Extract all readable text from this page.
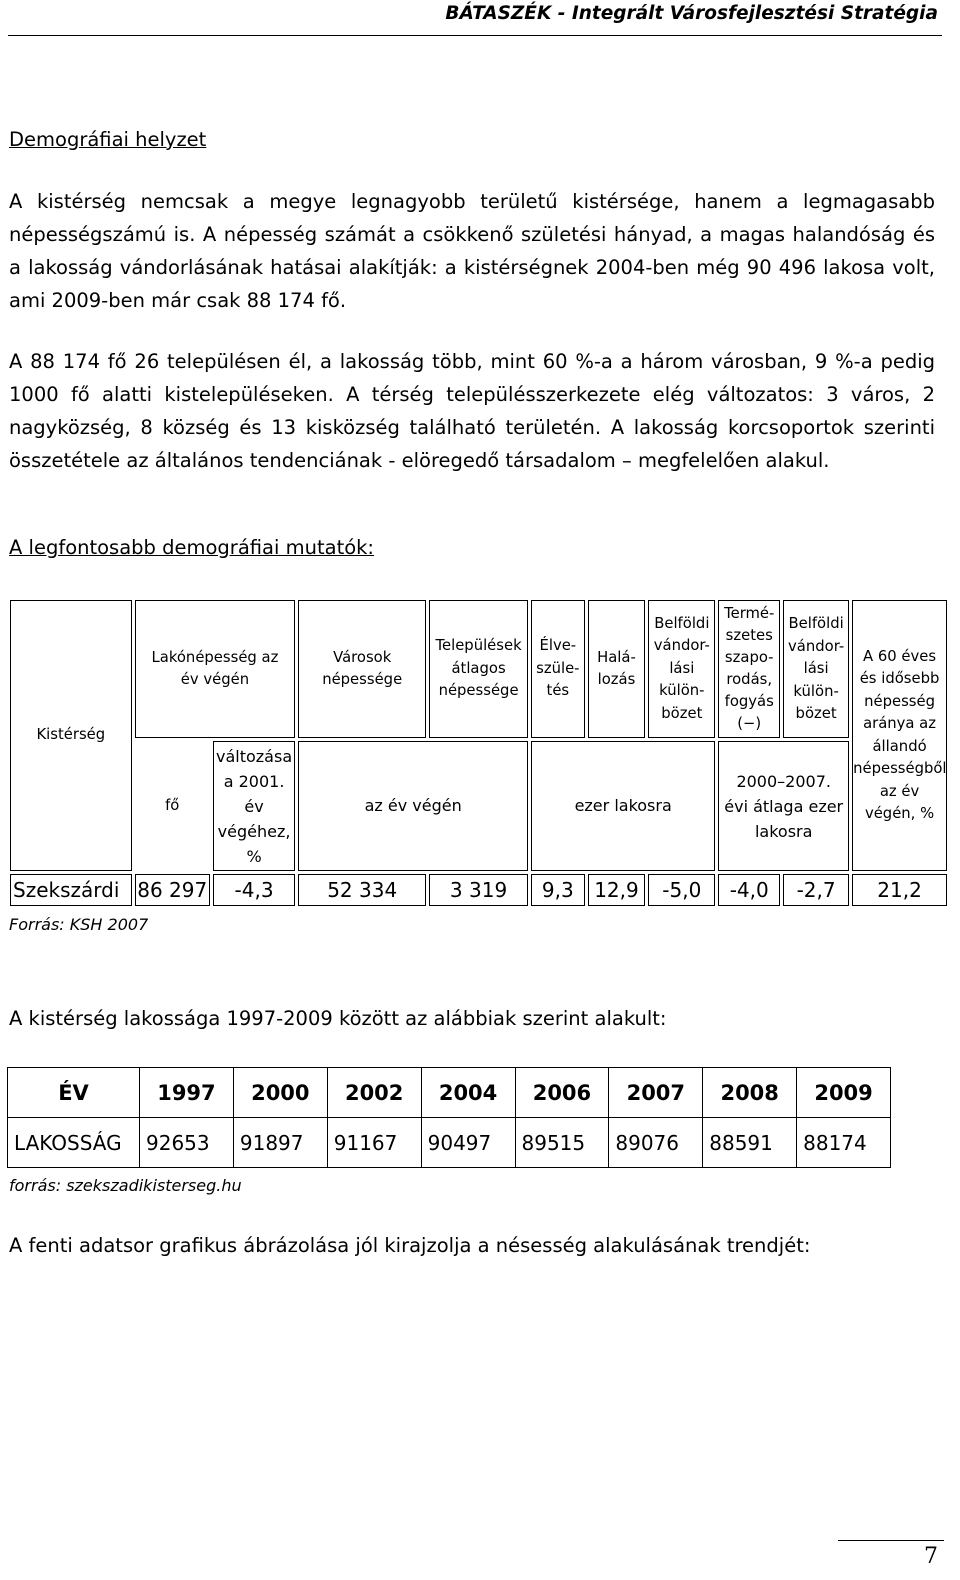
BÁTASZÉK - Integrált Városfejlesztési Stratégia
Demográfiai helyzet

A kistérség nemcsak a megye legnagyobb területű kistérsége, hanem a legmagasabb népességszámú is. A népesség számát a csökkenő születési hányad, a magas halandóság és a lakosság vándorlásának hatásai alakítják: a kistérségnek 2004-ben még 90 496 lakosa volt, ami 2009-ben már csak 88 174 fő.

A 88 174 fő 26 településen él, a lakosság több, mint 60 %-a a három városban, 9 %-a pedig 1000 fő alatti kistelepüléseken. A térség településszerkezete elég változatos: 3 város, 2 nagyközség, 8 község és 13 kisközség található területén. A lakosság korcsoportok szerinti összetétele az általános tendenciának - elöregedő társadalom – megfelelően alakul.

A legfontosabb demográfiai mutatók:
Kistérség	Lakónépesség az év végén		Városok népessége	Települések átlagos népessége	Élve-szüle-tés	Halá-lozás	Belföldi vándor-lási külön-bözet	Termé-szetes szapo-rodás, fogyás (−)	Belföldi vándor-lási külön-bözet	A 60 éves és idősebb népesség aránya az állandó népességből az év végén, %
	fő	változása a 2001. év végéhez, %	az év végén		ezer lakosra			2000–2007. évi átlaga ezer lakosra		
Szekszárdi	86 297	-4,3	52 334	3 319	9,3	12,9	-5,0	-4,0	-2,7	21,2
Forrás: KSH 2007
A kistérség lakossága 1997-2009 között az alábbiak szerint alakult:
ÉV	1997	2000	2002	2004	2006	2007	2008	2009
LAKOSSÁG	92653	91897	91167	90497	89515	89076	88591	88174
forrás: szekszadikisterseg.hu
A fenti adatsor grafikus ábrázolása jól kirajzolja a nésesség alakulásának trendjét:
7
